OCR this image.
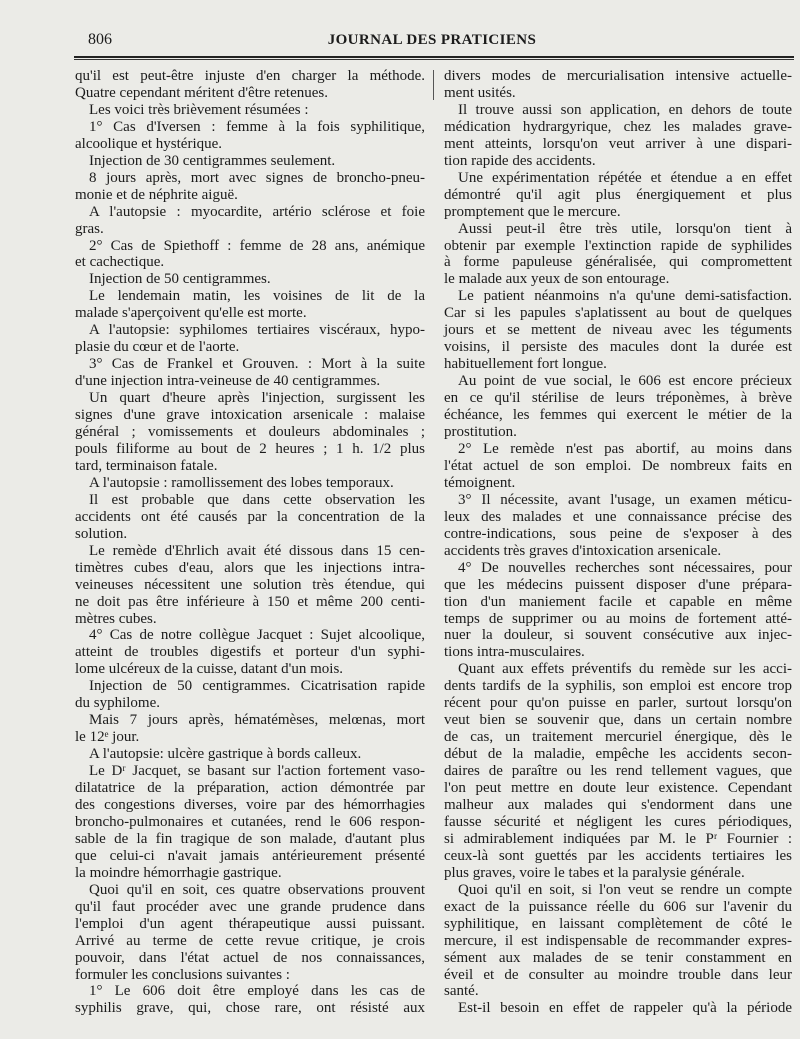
806	JOURNAL DES PRATICIENS
qu'il est peut-être injuste d'en charger la méthode.
Quatre cependant méritent d'être retenues.
Les voici très brièvement résumées :
1° Cas d'Iversen : femme à la fois syphilitique,
alcoolique et hystérique.
Injection de 30 centigrammes seulement.
8 jours après, mort avec signes de broncho-pneu-
monie et de néphrite aiguë.
A l'autopsie : myocardite, artério sclérose et foie
gras.
2° Cas de Spiethoff : femme de 28 ans, anémique
et cachectique.
Injection de 50 centigrammes.
Le lendemain matin, les voisines de lit de la
malade s'aperçoivent qu'elle est morte.
A l'autopsie: syphilomes tertiaires viscéraux, hypo-
plasie du cœur et de l'aorte.
3° Cas de Frankel et Grouven. : Mort à la suite
d'une injection intra-veineuse de 40 centigrammes.
Un quart d'heure après l'injection, surgissent les
signes d'une grave intoxication arsenicale : malaise
général ; vomissements et douleurs abdominales ;
pouls filiforme au bout de 2 heures ; 1 h. 1/2 plus
tard, terminaison fatale.
A l'autopsie : ramollissement des lobes temporaux.
Il est probable que dans cette observation les
accidents ont été causés par la concentration de la
solution.
Le remède d'Ehrlich avait été dissous dans 15 cen-
timètres cubes d'eau, alors que les injections intra-
veineuses nécessitent une solution très étendue, qui
ne doit pas être inférieure à 150 et même 200 centi-
mètres cubes.
4° Cas de notre collègue Jacquet : Sujet alcoolique,
atteint de troubles digestifs et porteur d'un syphi-
lome ulcéreux de la cuisse, datant d'un mois.
Injection de 50 centigrammes. Cicatrisation rapide
du syphilome.
Mais 7 jours après, hématémèses, melœnas, mort
le 12ᵉ jour.
A l'autopsie: ulcère gastrique à bords calleux.
Le Dʳ Jacquet, se basant sur l'action fortement vaso-
dilatatrice de la préparation, action démontrée par
des congestions diverses, voire par des hémorrhagies
broncho-pulmonaires et cutanées, rend le 606 respon-
sable de la fin tragique de son malade, d'autant plus
que celui-ci n'avait jamais antérieurement présenté
la moindre hémorrhagie gastrique.
Quoi qu'il en soit, ces quatre observations prouvent
qu'il faut procéder avec une grande prudence dans
l'emploi d'un agent thérapeutique aussi puissant.
Arrivé au terme de cette revue critique, je crois
pouvoir, dans l'état actuel de nos connaissances,
formuler les conclusions suivantes :
1° Le 606 doit être employé dans les cas de
syphilis grave, qui, chose rare, ont résisté aux
divers modes de mercurialisation intensive actuelle-
ment usités.
Il trouve aussi son application, en dehors de toute
médication hydrargyrique, chez les malades grave-
ment atteints, lorsqu'on veut arriver à une dispari-
tion rapide des accidents.
Une expérimentation répétée et étendue a en effet
démontré qu'il agit plus énergiquement et plus
promptement que le mercure.
Aussi peut-il être très utile, lorsqu'on tient à
obtenir par exemple l'extinction rapide de syphilides
à forme papuleuse généralisée, qui compromettent
le malade aux yeux de son entourage.
Le patient néanmoins n'a qu'une demi-satisfaction.
Car si les papules s'aplatissent au bout de quelques
jours et se mettent de niveau avec les téguments
voisins, il persiste des macules dont la durée est
habituellement fort longue.
Au point de vue social, le 606 est encore précieux
en ce qu'il stérilise de leurs tréponèmes, à brève
échéance, les femmes qui exercent le métier de la
prostitution.
2° Le remède n'est pas abortif, au moins dans
l'état actuel de son emploi. De nombreux faits en
témoignent.
3° Il nécessite, avant l'usage, un examen méticu-
leux des malades et une connaissance précise des
contre-indications, sous peine de s'exposer à des
accidents très graves d'intoxication arsenicale.
4° De nouvelles recherches sont nécessaires, pour
que les médecins puissent disposer d'une prépara-
tion d'un maniement facile et capable en même
temps de supprimer ou au moins de fortement atté-
nuer la douleur, si souvent consécutive aux injec-
tions intra-musculaires.
Quant aux effets préventifs du remède sur les acci-
dents tardifs de la syphilis, son emploi est encore trop
récent pour qu'on puisse en parler, surtout lorsqu'on
veut bien se souvenir que, dans un certain nombre
de cas, un traitement mercuriel énergique, dès le
début de la maladie, empêche les accidents secon-
daires de paraître ou les rend tellement vagues, que
l'on peut mettre en doute leur existence. Cependant
malheur aux malades qui s'endorment dans une
fausse sécurité et négligent les cures périodiques,
si admirablement indiquées par M. le Pʳ Fournier :
ceux-là sont guettés par les accidents tertiaires les
plus graves, voire le tabes et la paralysie générale.
Quoi qu'il en soit, si l'on veut se rendre un compte
exact de la puissance réelle du 606 sur l'avenir du
syphilitique, en laissant complètement de côté le
mercure, il est indispensable de recommander expres-
sément aux malades de se tenir constamment en
éveil et de consulter au moindre trouble dans leur
santé.
Est-il besoin en effet de rappeler qu'à la période
